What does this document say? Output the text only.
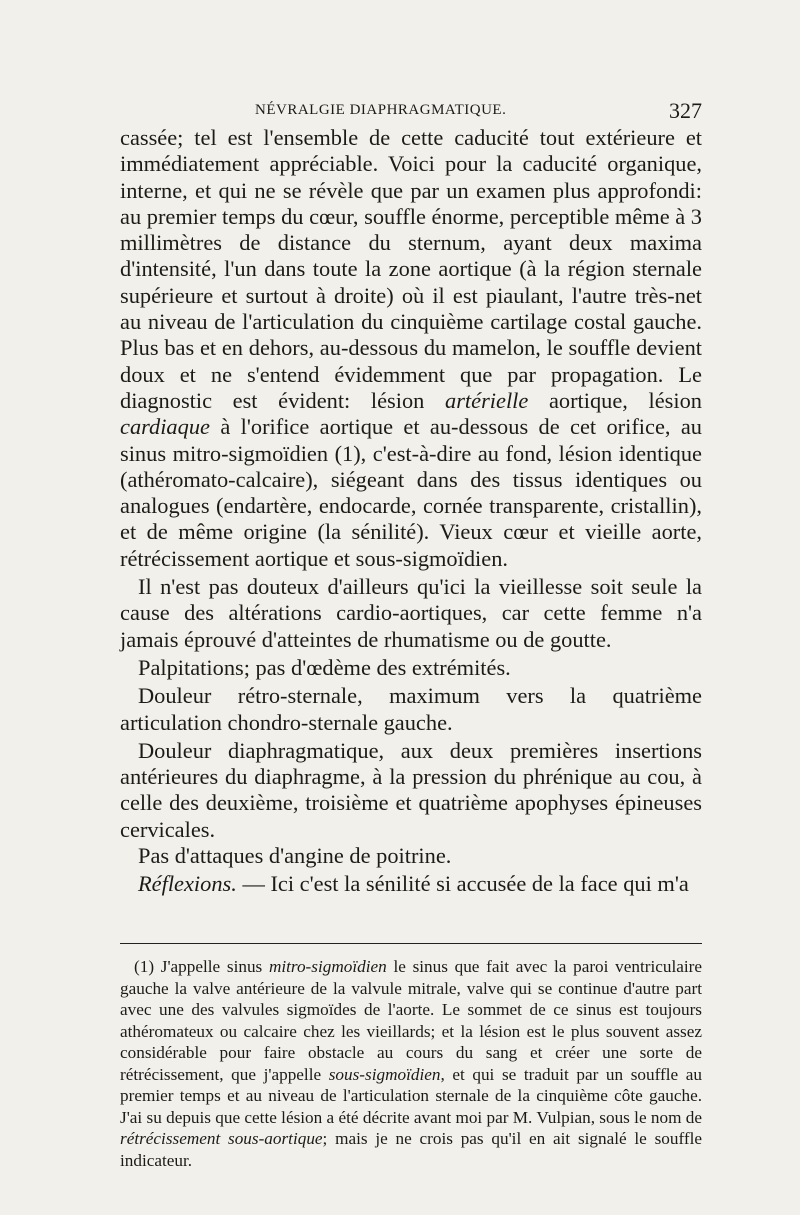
NÉVRALGIE DIAPHRAGMATIQUE.	327

cassée; tel est l'ensemble de cette caducité tout extérieure et immédiatement appréciable. Voici pour la caducité organique, interne, et qui ne se révèle que par un examen plus approfondi: au premier temps du cœur, souffle énorme, perceptible même à 3 millimètres de distance du sternum, ayant deux maxima d'intensité, l'un dans toute la zone aortique (à la région sternale supérieure et surtout à droite) où il est piaulant, l'autre très-net au niveau de l'articulation du cinquième cartilage costal gauche. Plus bas et en dehors, au-dessous du mamelon, le souffle devient doux et ne s'entend évidemment que par propagation. Le diagnostic est évident: lésion artérielle aortique, lésion cardiaque à l'orifice aortique et au-dessous de cet orifice, au sinus mitro-sigmoïdien (1), c'est-à-dire au fond, lésion identique (athéromato-calcaire), siégeant dans des tissus identiques ou analogues (endartère, endocarde, cornée transparente, cristallin), et de même origine (la sénilité). Vieux cœur et vieille aorte, rétrécissement aortique et sous-sigmoïdien.

Il n'est pas douteux d'ailleurs qu'ici la vieillesse soit seule la cause des altérations cardio-aortiques, car cette femme n'a jamais éprouvé d'atteintes de rhumatisme ou de goutte.

Palpitations; pas d'œdème des extrémités.

Douleur rétro-sternale, maximum vers la quatrième articulation chondro-sternale gauche.

Douleur diaphragmatique, aux deux premières insertions antérieures du diaphragme, à la pression du phrénique au cou, à celle des deuxième, troisième et quatrième apophyses épineuses cervicales.

Pas d'attaques d'angine de poitrine.

Réflexions. — Ici c'est la sénilité si accusée de la face qui m'a

(1) J'appelle sinus mitro-sigmoïdien le sinus que fait avec la paroi ventriculaire gauche la valve antérieure de la valvule mitrale, valve qui se continue d'autre part avec une des valvules sigmoïdes de l'aorte. Le sommet de ce sinus est toujours athéromateux ou calcaire chez les vieillards; et la lésion est le plus souvent assez considérable pour faire obstacle au cours du sang et créer une sorte de rétrécissement, que j'appelle sous-sigmoïdien, et qui se traduit par un souffle au premier temps et au niveau de l'articulation sternale de la cinquième côte gauche. J'ai su depuis que cette lésion a été décrite avant moi par M. Vulpian, sous le nom de rétrécissement sous-aortique; mais je ne crois pas qu'il en ait signalé le souffle indicateur.
